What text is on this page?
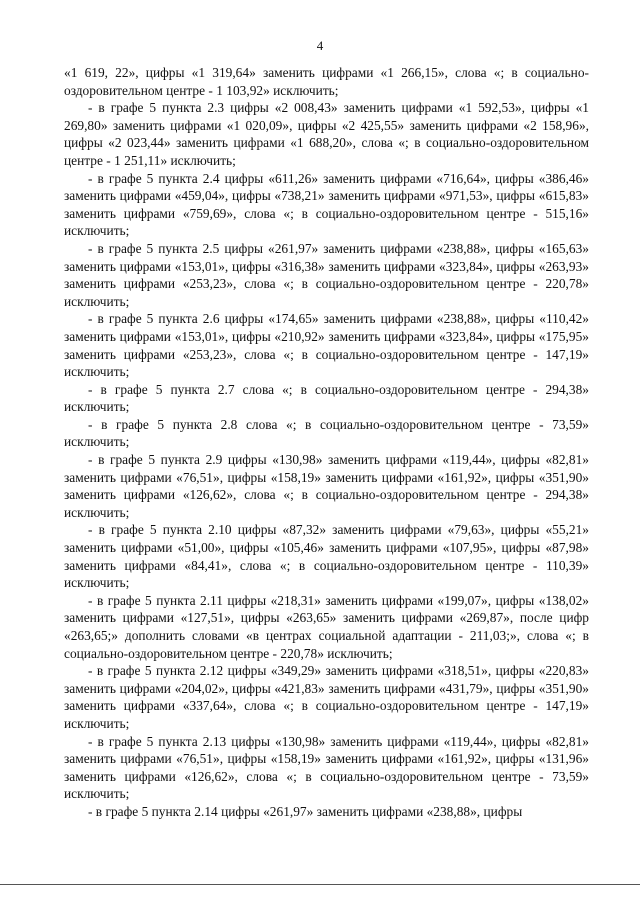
4

«1 619, 22», цифры «1 319,64» заменить цифрами «1 266,15», слова «; в социально-оздоровительном центре - 1 103,92» исключить;

- в графе 5 пункта 2.3 цифры «2 008,43» заменить цифрами «1 592,53», цифры «1 269,80» заменить цифрами «1 020,09», цифры «2 425,55» заменить цифрами «2 158,96», цифры «2 023,44» заменить цифрами «1 688,20», слова «; в социально-оздоровительном центре - 1 251,11» исключить;

- в графе 5 пункта 2.4 цифры «611,26» заменить цифрами «716,64», цифры «386,46» заменить цифрами «459,04», цифры «738,21» заменить цифрами «971,53», цифры «615,83» заменить цифрами «759,69», слова «; в социально-оздоровительном центре - 515,16» исключить;

- в графе 5 пункта 2.5 цифры «261,97» заменить цифрами «238,88», цифры «165,63» заменить цифрами «153,01», цифры «316,38» заменить цифрами «323,84», цифры «263,93» заменить цифрами «253,23», слова «; в социально-оздоровительном центре - 220,78» исключить;

- в графе 5 пункта 2.6 цифры «174,65» заменить цифрами «238,88», цифры «110,42» заменить цифрами «153,01», цифры «210,92» заменить цифрами «323,84», цифры «175,95» заменить цифрами «253,23», слова «; в социально-оздоровительном центре - 147,19» исключить;

- в графе 5 пункта 2.7 слова «; в социально-оздоровительном центре - 294,38» исключить;

- в графе 5 пункта 2.8 слова «; в социально-оздоровительном центре - 73,59» исключить;

- в графе 5 пункта 2.9 цифры «130,98» заменить цифрами «119,44», цифры «82,81» заменить цифрами «76,51», цифры «158,19» заменить цифрами «161,92», цифры «351,90» заменить цифрами «126,62», слова «; в социально-оздоровительном центре - 294,38» исключить;

- в графе 5 пункта 2.10 цифры «87,32» заменить цифрами «79,63», цифры «55,21» заменить цифрами «51,00», цифры «105,46» заменить цифрами «107,95», цифры «87,98» заменить цифрами «84,41», слова «; в социально-оздоровительном центре - 110,39» исключить;

- в графе 5 пункта 2.11 цифры «218,31» заменить цифрами «199,07», цифры «138,02» заменить цифрами «127,51», цифры «263,65» заменить цифрами «269,87», после цифр «263,65;» дополнить словами «в центрах социальной адаптации - 211,03;», слова «; в социально-оздоровительном центре - 220,78» исключить;

- в графе 5 пункта 2.12 цифры «349,29» заменить цифрами «318,51», цифры «220,83» заменить цифрами «204,02», цифры «421,83» заменить цифрами «431,79», цифры «351,90» заменить цифрами «337,64», слова «; в социально-оздоровительном центре - 147,19» исключить;

- в графе 5 пункта 2.13 цифры «130,98» заменить цифрами «119,44», цифры «82,81» заменить цифрами «76,51», цифры «158,19» заменить цифрами «161,92», цифры «131,96» заменить цифрами «126,62», слова «; в социально-оздоровительном центре - 73,59» исключить;

- в графе 5 пункта 2.14 цифры «261,97» заменить цифрами «238,88», цифры
